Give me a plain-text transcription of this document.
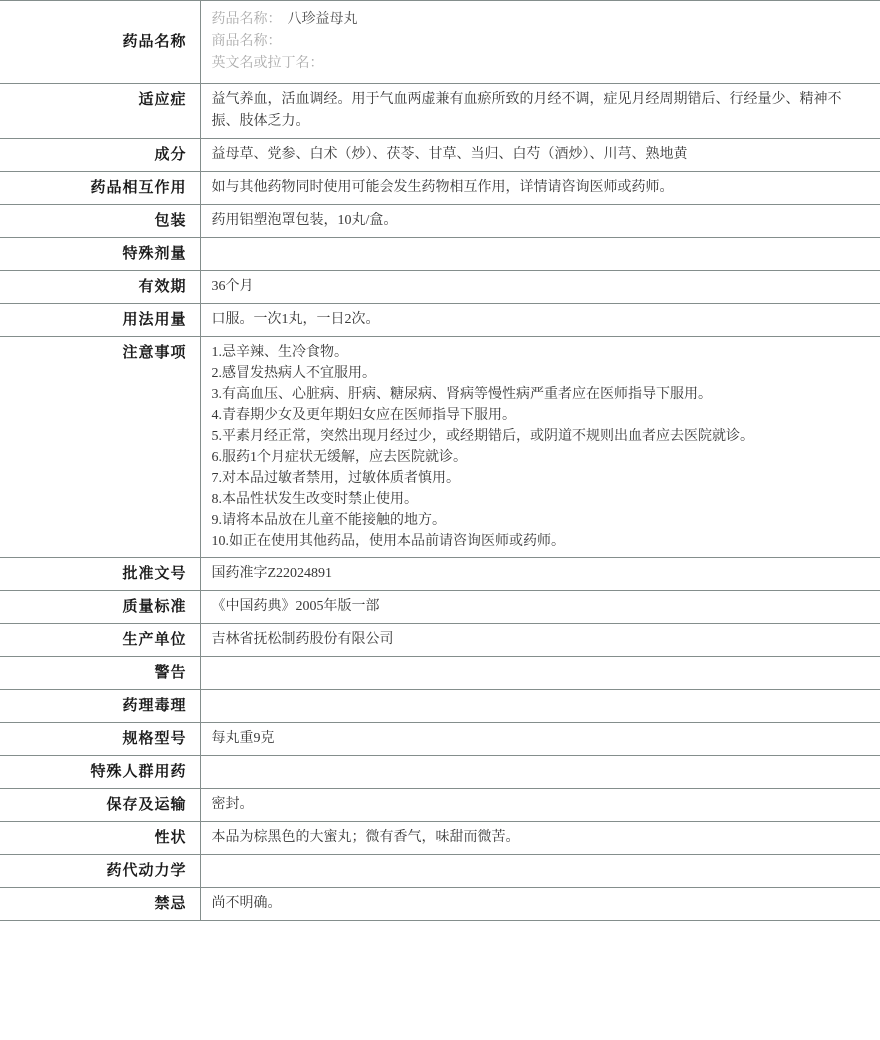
药品名称	药品名称： 八珍益母丸
商品名称：
英文名或拉丁名：

适应症	益气养血，活血调经。用于气血两虚兼有血瘀所致的月经不调，症见月经周期错后、行经量少、精神不振、肢体乏力。
成分	益母草、党参、白术（炒）、茯苓、甘草、当归、白芍（酒炒）、川芎、熟地黄
药品相互作用	如与其他药物同时使用可能会发生药物相互作用，详情请咨询医师或药师。
包装	药用铝塑泡罩包装，10丸/盒。
特殊剂量	
有效期	36个月
用法用量	口服。一次1丸，一日2次。
注意事项	1.忌辛辣、生冷食物。
2.感冒发热病人不宜服用。
3.有高血压、心脏病、肝病、糖尿病、肾病等慢性病严重者应在医师指导下服用。
4.青春期少女及更年期妇女应在医师指导下服用。
5.平素月经正常，突然出现月经过少，或经期错后，或阴道不规则出血者应去医院就诊。
6.服药1个月症状无缓解，应去医院就诊。
7.对本品过敏者禁用，过敏体质者慎用。
8.本品性状发生改变时禁止使用。
9.请将本品放在儿童不能接触的地方。
10.如正在使用其他药品，使用本品前请咨询医师或药师。

批准文号	国药准字Z22024891
质量标准	《中国药典》2005年版一部
生产单位	吉林省抚松制药股份有限公司
警告	
药理毒理	
规格型号	每丸重9克
特殊人群用药	
保存及运输	密封。
性状	本品为棕黑色的大蜜丸；微有香气，味甜而微苦。
药代动力学	
禁忌	尚不明确。
